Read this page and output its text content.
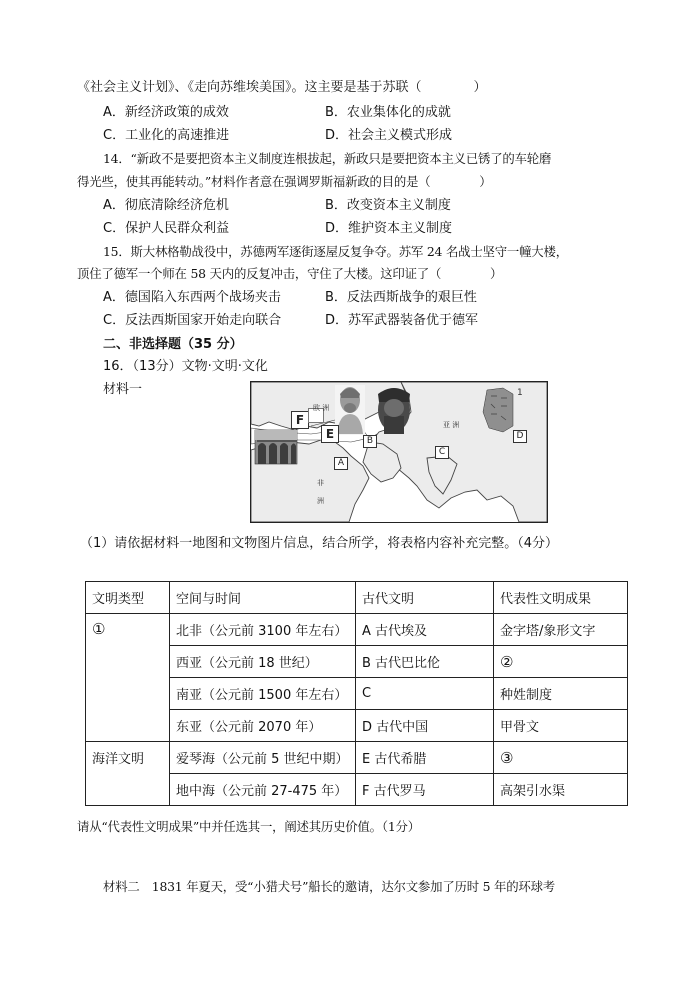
《社会主义计划》、《走向苏维埃美国》。这主要是基于苏联（　　　　）
A．新经济政策的成效	B．农业集体化的成就
C．工业化的高速推进	D．社会主义模式形成
14．“新政不是要把资本主义制度连根拔起，新政只是要把资本主义已锈了的车轮磨
得光些，使其再能转动。”材料作者意在强调罗斯福新政的目的是（　　　　）
A．彻底清除经济危机	B．改变资本主义制度
C．保护人民群众利益	D．维护资本主义制度
15．斯大林格勒战役中，苏德两军逐街逐屋反复争夺。苏军 24 名战士坚守一幢大楼，
顶住了德军一个师在 58 天内的反复冲击，守住了大楼。这印证了（　　　　）
A．德国陷入东西两个战场夹击	B．反法西斯战争的艰巨性
C．反法西斯国家开始走向联合	D．苏军武器装备优于德军
二、非选择题（35 分）
16．（13分）文物·文明·文化
材料一
F
E	B
A
C
D
欧 洲
亚 洲
非
洲
1
（1）请依据材料一地图和文物图片信息，结合所学，将表格内容补充完整。（4分）
文明类型	空间与时间	古代文明	代表性文明成果
①	北非（公元前 3100 年左右）	A 古代埃及	金字塔/象形文字
	西亚（公元前 18 世纪）	B 古代巴比伦	②
	南亚（公元前 1500 年左右）	C	种姓制度
	东亚（公元前 2070 年）	D 古代中国	甲骨文
海洋文明	爱琴海（公元前 5 世纪中期）	E 古代希腊	③
	地中海（公元前 27-475 年）	F 古代罗马	高架引水渠
请从“代表性文明成果”中并任选其一，阐述其历史价值。（1分）
材料二　1831 年夏天，受“小猎犬号”船长的邀请，达尔文参加了历时 5 年的环球考
